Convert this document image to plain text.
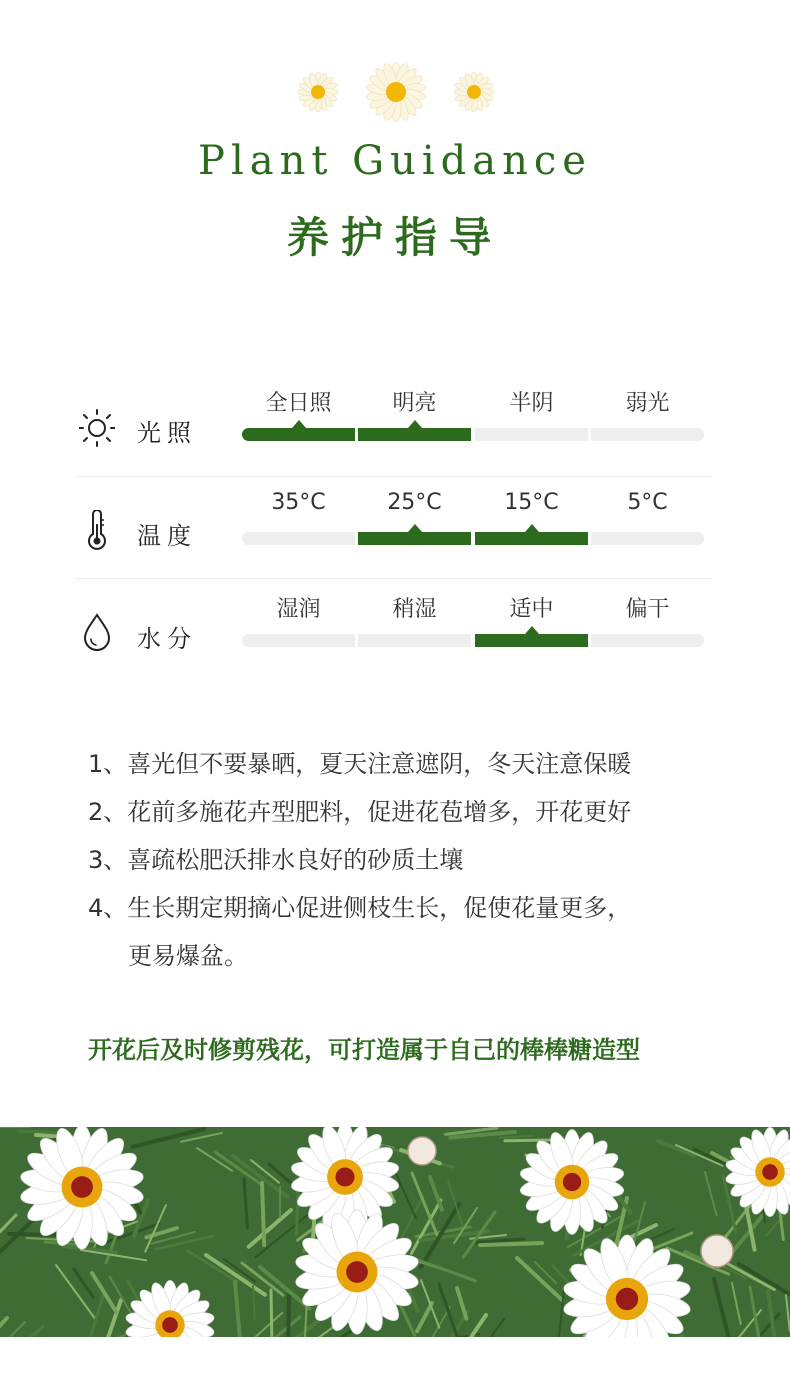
Plant Guidance
养护指导
光照
全日照	明亮	半阴	弱光
温度
35°C	25°C	15°C	5°C
水分
湿润	稍湿	适中	偏干
1、喜光但不要暴晒，夏天注意遮阴，冬天注意保暖
2、花前多施花卉型肥料，促进花苞增多，开花更好
3、喜疏松肥沃排水良好的砂质土壤
4、生长期定期摘心促进侧枝生长，促使花量更多，
更易爆盆。
开花后及时修剪残花，可打造属于自己的棒棒糖造型
